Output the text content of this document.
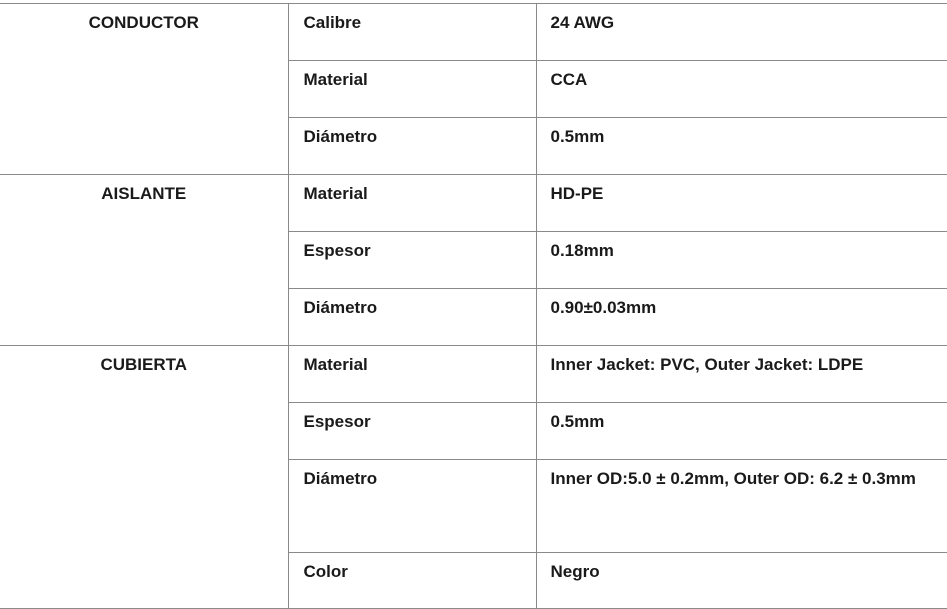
CONDUCTOR	Calibre	24 AWG
	Material	CCA
	Diámetro	0.5mm
AISLANTE	Material	HD-PE
	Espesor	0.18mm
	Diámetro	0.90±0.03mm
CUBIERTA	Material	Inner Jacket: PVC, Outer Jacket: LDPE
	Espesor	0.5mm
	Diámetro	Inner OD:5.0 ± 0.2mm, Outer OD: 6.2 ± 0.3mm
	Color	Negro
